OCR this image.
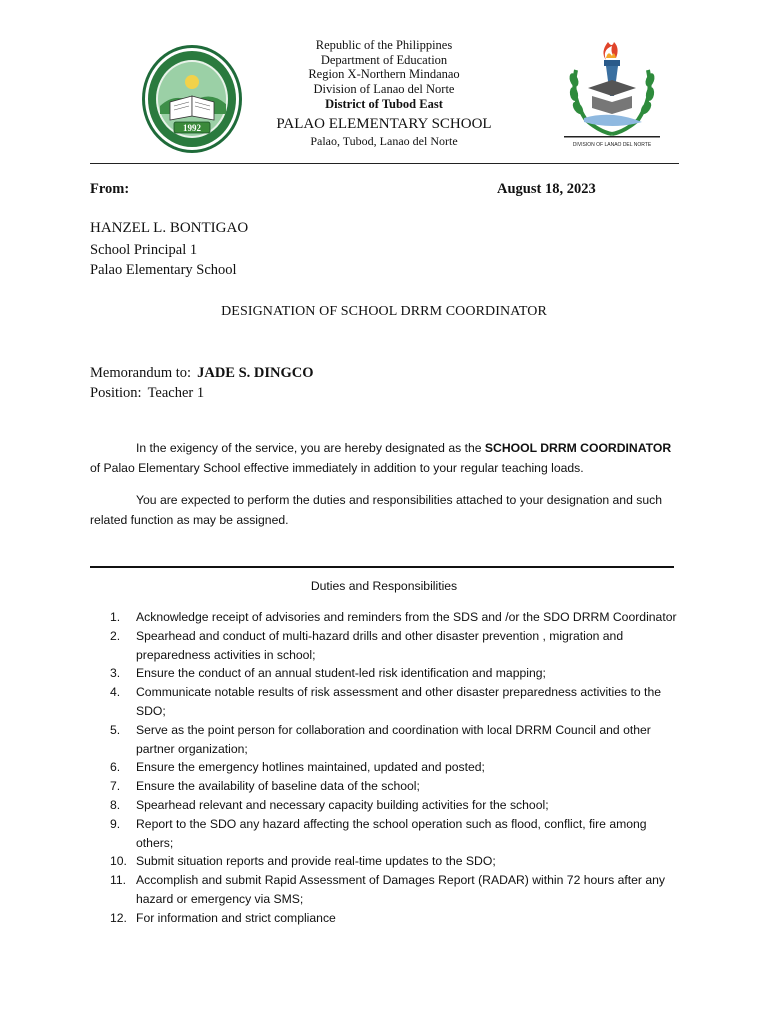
1992
Republic of the Philippines
Department of Education
Region X-Northern Mindanao
Division of Lanao del Norte
District of Tubod East
PALAO ELEMENTARY SCHOOL
Palao, Tubod, Lanao del Norte	DIVISION OF LANAO DEL NORTE
From:	August 18, 2023
HANZEL L. BONTIGAO
School Principal 1
Palao Elementary School
DESIGNATION OF SCHOOL DRRM COORDINATOR
Memorandum to: JADE S. DINGCO
Position: Teacher 1
In the exigency of the service, you are hereby designated as the SCHOOL DRRM COORDINATOR of Palao Elementary School effective immediately in addition to your regular teaching loads.
You are expected to perform the duties and responsibilities attached to your designation and such related function as may be assigned.
Duties and Responsibilities
1. Acknowledge receipt of advisories and reminders from the SDS and /or the SDO DRRM Coordinator
2. Spearhead and conduct of multi-hazard drills and other disaster prevention , migration and preparedness activities in school;
3. Ensure the conduct of an annual student-led risk identification and mapping;
4. Communicate notable results of risk assessment and other disaster preparedness activities to the SDO;
5. Serve as the point person for collaboration and coordination with local DRRM Council and other partner organization;
6. Ensure the emergency hotlines maintained, updated and posted;
7. Ensure the availability of baseline data of the school;
8. Spearhead relevant and necessary capacity building activities for the school;
9. Report to the SDO any hazard affecting the school operation such as flood, conflict, fire among others;
10. Submit situation reports and provide real-time updates to the SDO;
11. Accomplish and submit Rapid Assessment of Damages Report (RADAR) within 72 hours after any hazard or emergency via SMS;
12. For information and strict compliance
